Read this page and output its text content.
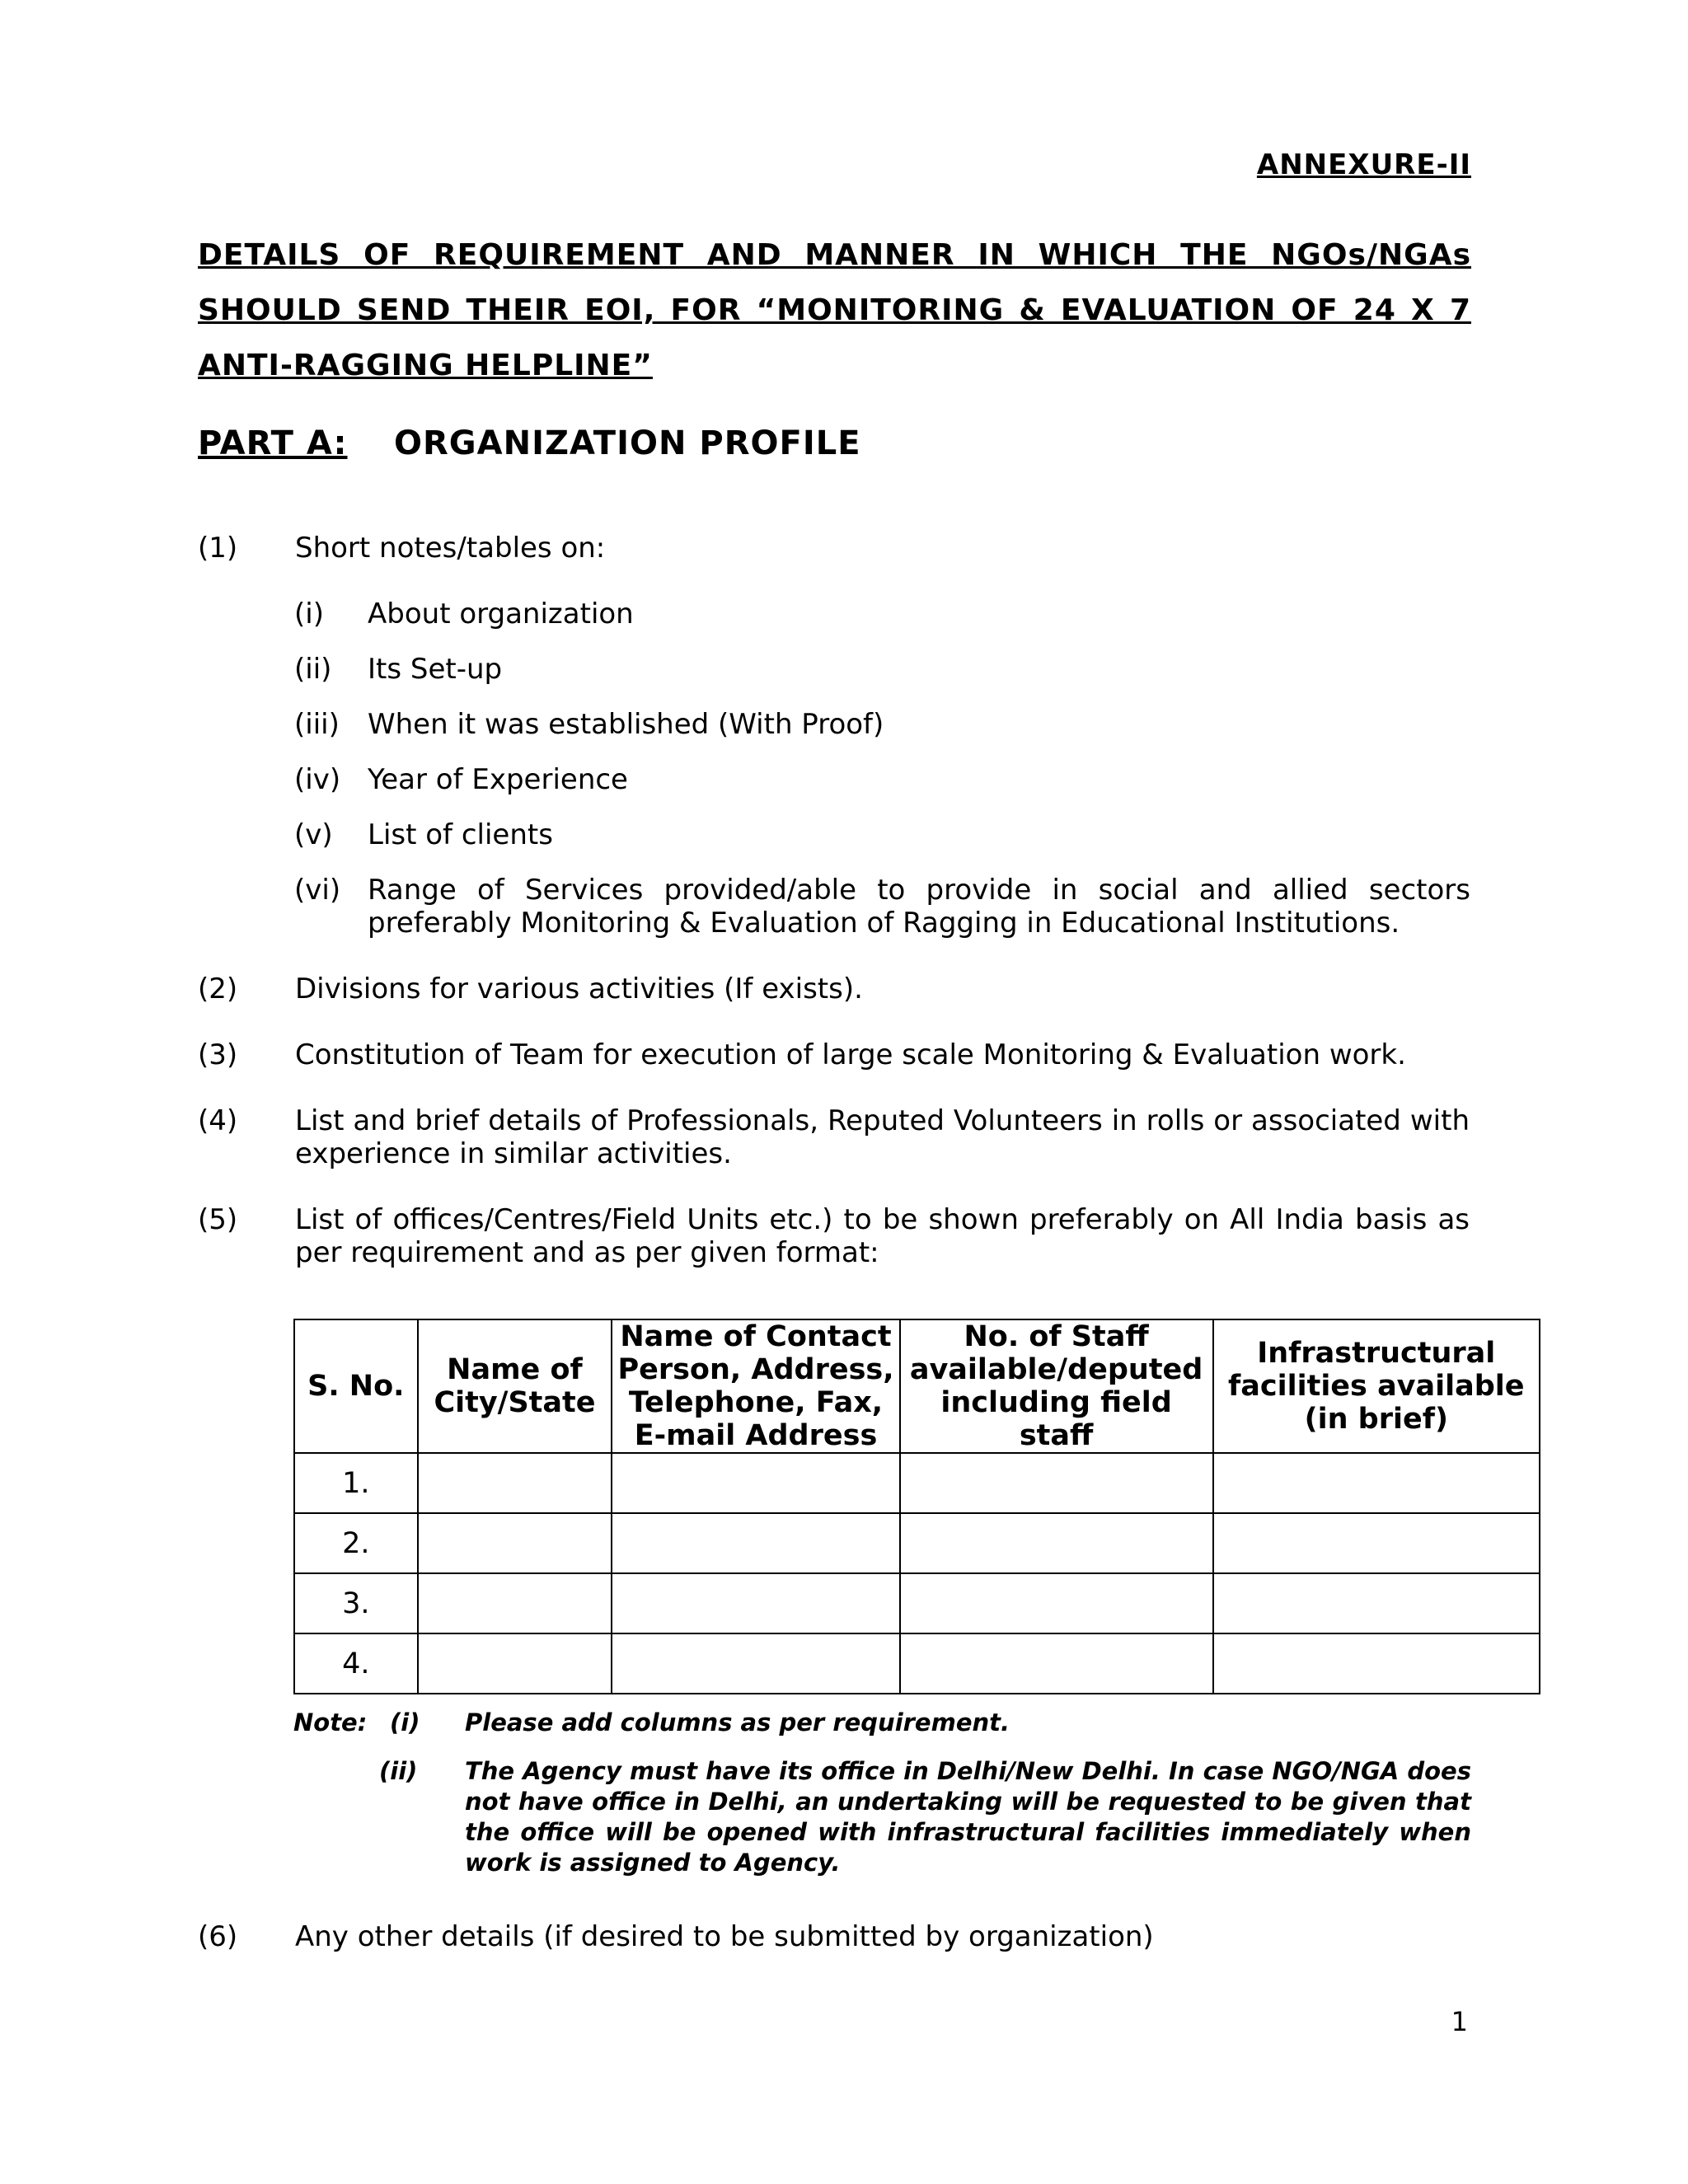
ANNEXURE-II
DETAILS OF REQUIREMENT AND MANNER IN WHICH THE NGOs/NGAs SHOULD SEND THEIR EOI, FOR “MONITORING & EVALUATION OF 24 X 7 ANTI-RAGGING HELPLINE”
PART A: ORGANIZATION PROFILE
(1) Short notes/tables on:
(i) About organization
(ii) Its Set-up
(iii) When it was established (With Proof)
(iv) Year of Experience
(v) List of clients
(vi) Range of Services provided/able to provide in social and allied sectors preferably Monitoring & Evaluation of Ragging in Educational Institutions.
(2) Divisions for various activities (If exists).
(3) Constitution of Team for execution of large scale Monitoring & Evaluation work.
(4) List and brief details of Professionals, Reputed Volunteers in rolls or associated with experience in similar activities.
(5) List of offices/Centres/Field Units etc.) to be shown preferably on All India basis as per requirement and as per given format:
S. No.	Name of City/State	Name of Contact Person, Address, Telephone, Fax, E-mail Address	No. of Staff available/deputed including field staff	Infrastructural facilities available (in brief)
1.				
2.				
3.				
4.				
Note: (i) Please add columns as per requirement.
(ii) The Agency must have its office in Delhi/New Delhi. In case NGO/NGA does not have office in Delhi, an undertaking will be requested to be given that the office will be opened with infrastructural facilities immediately when work is assigned to Agency.
(6) Any other details (if desired to be submitted by organization)
1
